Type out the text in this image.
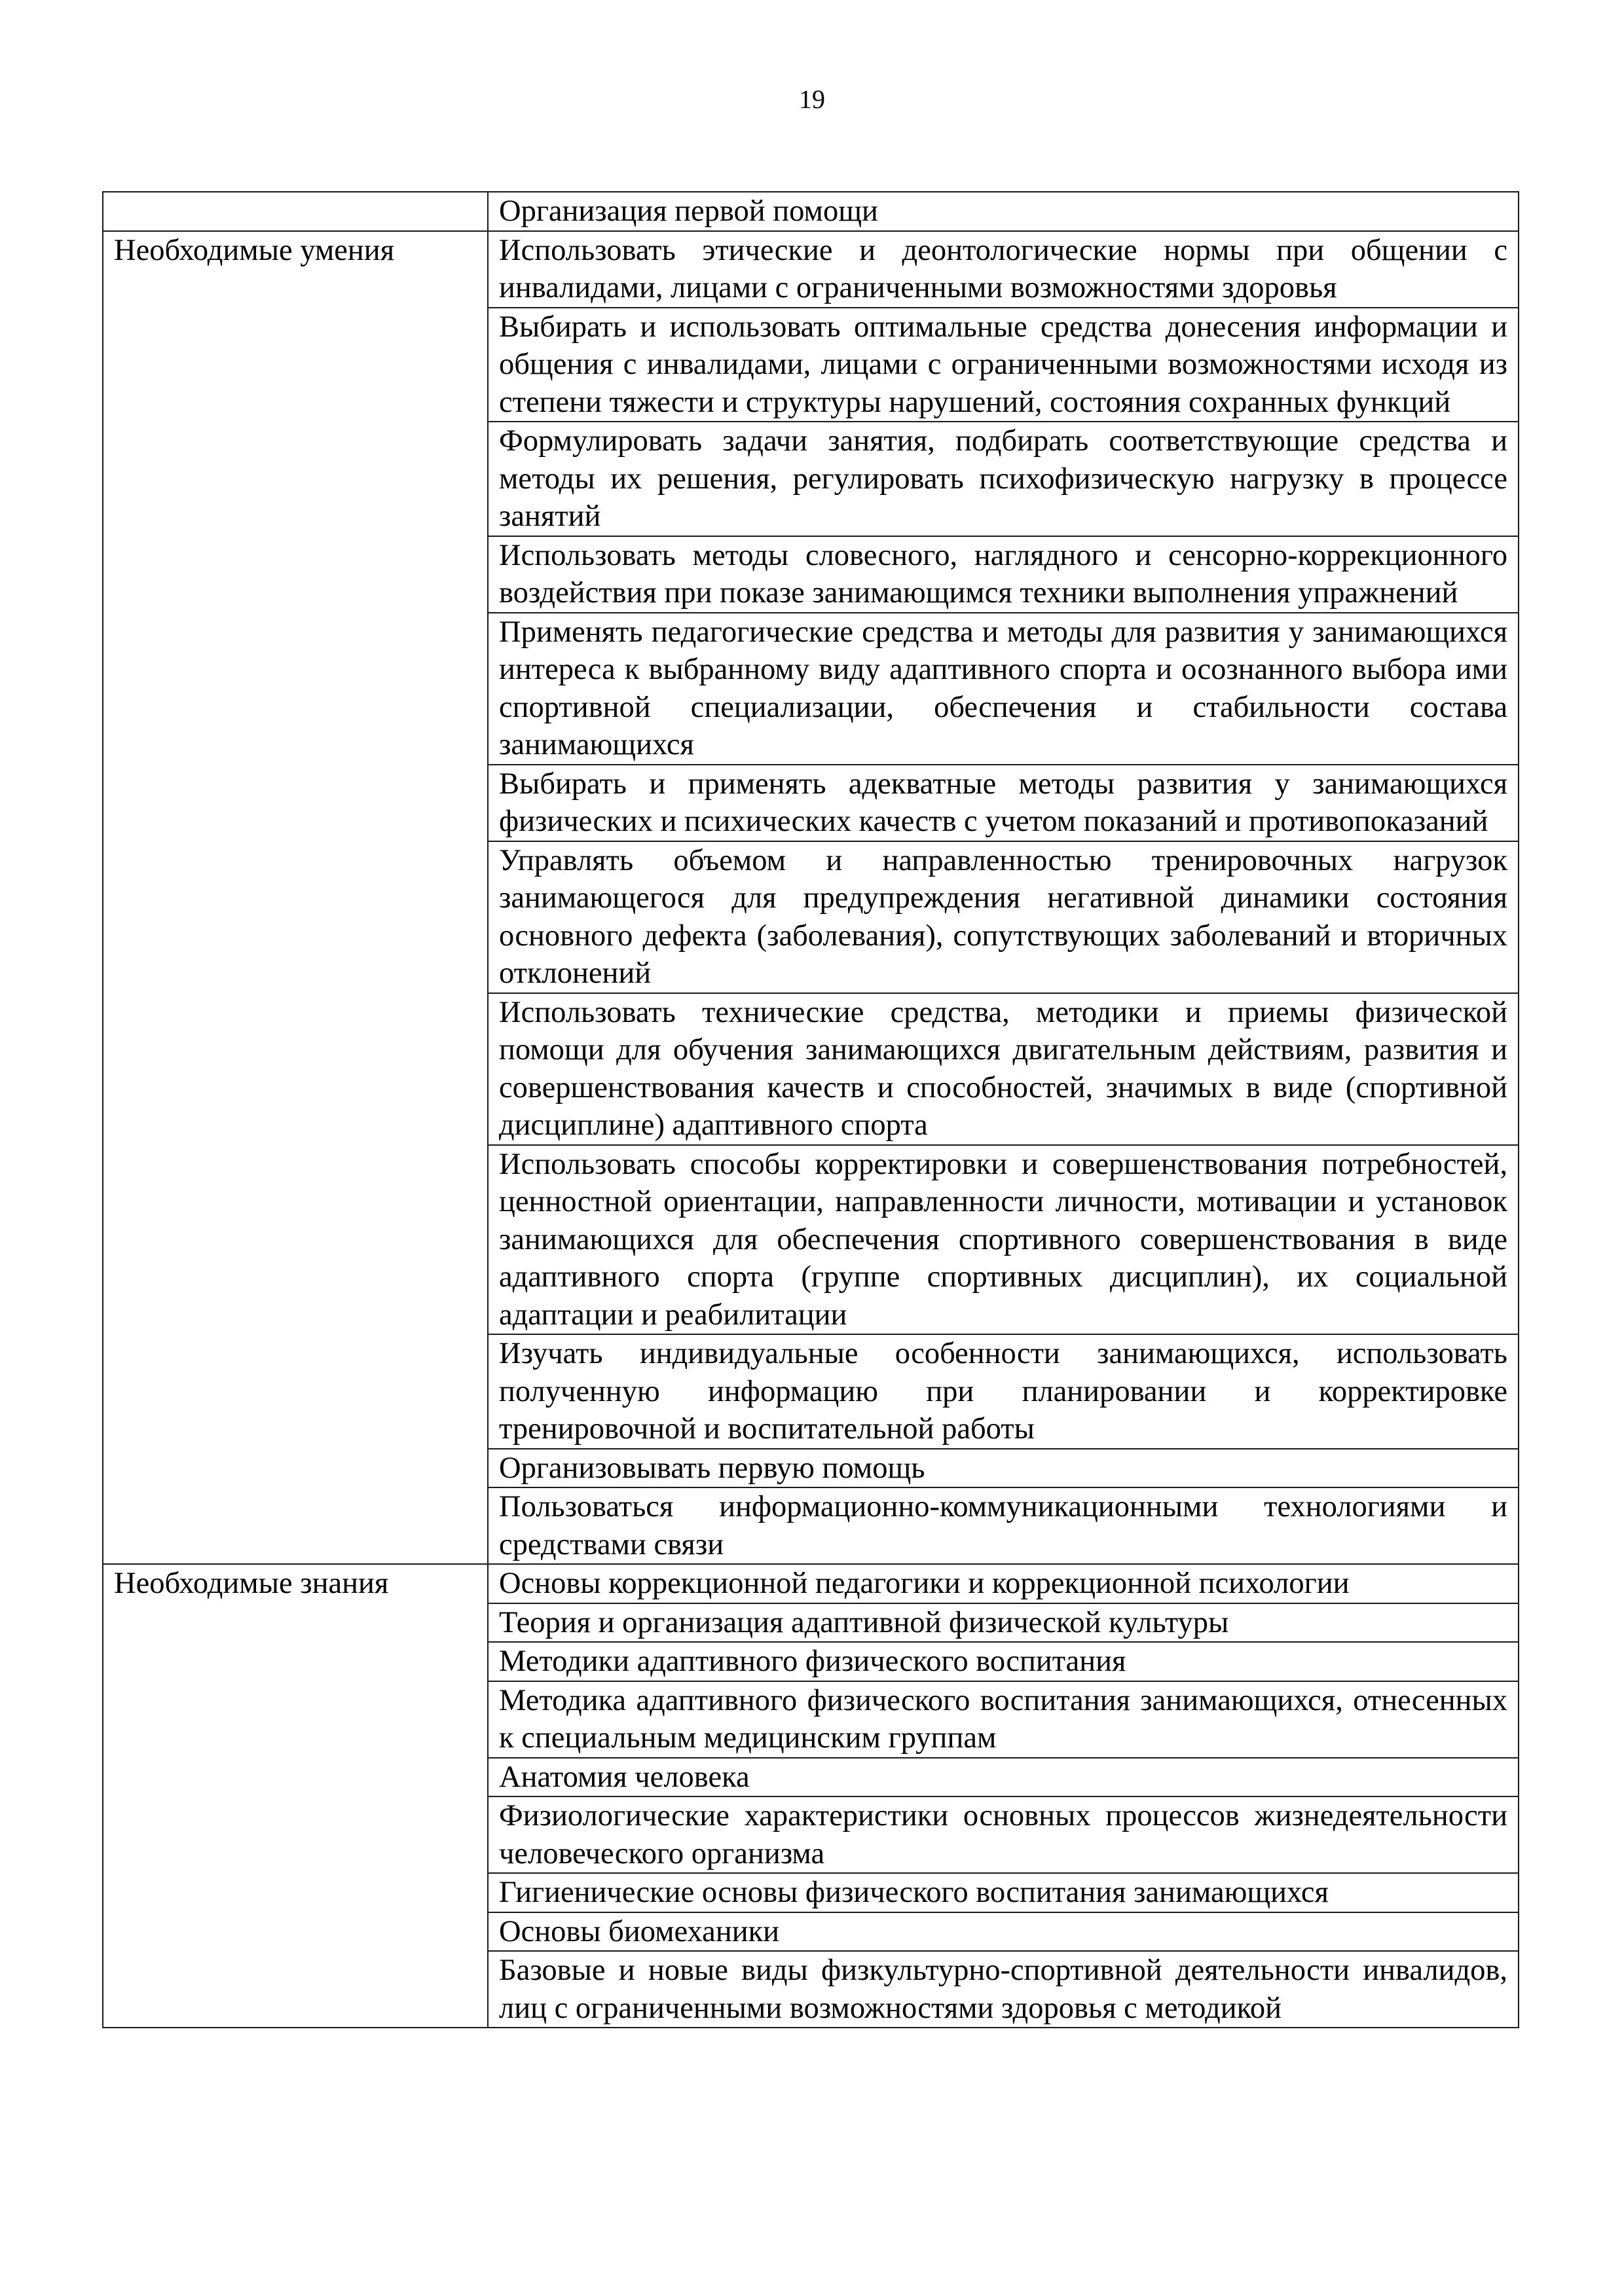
19
	Организация первой помощи
Необходимые умения	Использовать этические и деонтологические нормы при общении с инвалидами, лицами с ограниченными возможностями здоровья
	Выбирать и использовать оптимальные средства донесения информации и общения с инвалидами, лицами с ограниченными возможностями исходя из степени тяжести и структуры нарушений, состояния сохранных функций
	Формулировать задачи занятия, подбирать соответствующие средства и методы их решения, регулировать психофизическую нагрузку в процессе занятий
	Использовать методы словесного, наглядного и сенсорно-коррекционного воздействия при показе занимающимся техники выполнения упражнений
	Применять педагогические средства и методы для развития у занимающихся интереса к выбранному виду адаптивного спорта и осознанного выбора ими спортивной специализации, обеспечения и стабильности состава занимающихся
	Выбирать и применять адекватные методы развития у занимающихся физических и психических качеств с учетом показаний и противопоказаний
	Управлять объемом и направленностью тренировочных нагрузок занимающегося для предупреждения негативной динамики состояния основного дефекта (заболевания), сопутствующих заболеваний и вторичных отклонений
	Использовать технические средства, методики и приемы физической помощи для обучения занимающихся двигательным действиям, развития и совершенствования качеств и способностей, значимых в виде (спортивной дисциплине) адаптивного спорта
	Использовать способы корректировки и совершенствования потребностей, ценностной ориентации, направленности личности, мотивации и установок занимающихся для обеспечения спортивного совершенствования в виде адаптивного спорта (группе спортивных дисциплин), их социальной адаптации и реабилитации
	Изучать индивидуальные особенности занимающихся, использовать полученную информацию при планировании и корректировке тренировочной и воспитательной работы
	Организовывать первую помощь
	Пользоваться информационно-коммуникационными технологиями и средствами связи
Необходимые знания	Основы коррекционной педагогики и коррекционной психологии
	Теория и организация адаптивной физической культуры
	Методики адаптивного физического воспитания
	Методика адаптивного физического воспитания занимающихся, отнесенных к специальным медицинским группам
	Анатомия человека
	Физиологические характеристики основных процессов жизнедеятельности человеческого организма
	Гигиенические основы физического воспитания занимающихся
	Основы биомеханики
	Базовые и новые виды физкультурно-спортивной деятельности инвалидов, лиц с ограниченными возможностями здоровья с методикой
